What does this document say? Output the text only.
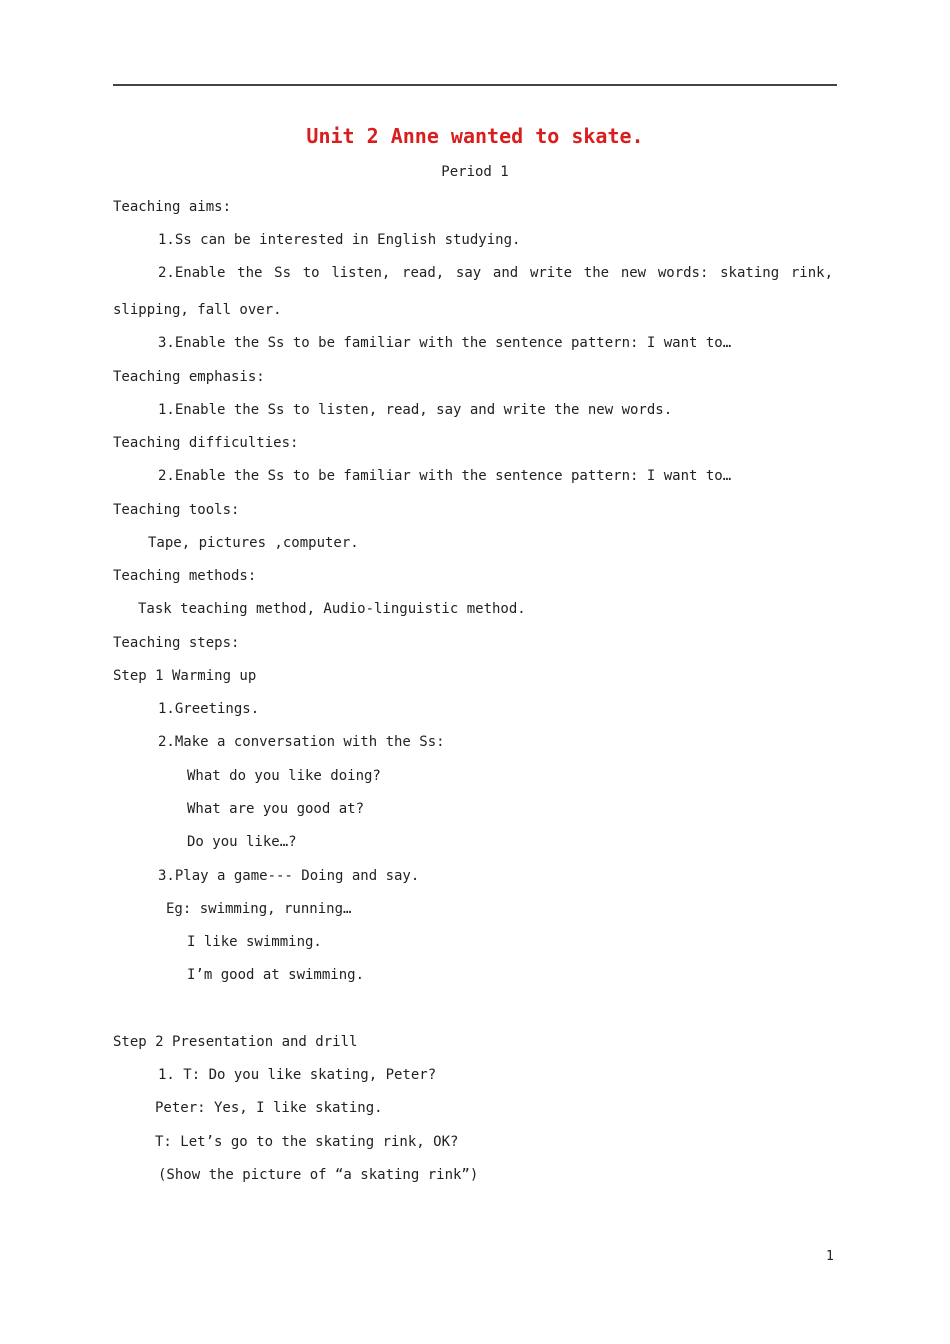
Unit 2 Anne wanted to skate.
Period 1
Teaching aims:
1.Ss can be interested in English studying.
2.Enable the Ss to listen, read, say and write the new words: skating rink,
slipping, fall over.
3.Enable the Ss to be familiar with the sentence pattern: I want to…
Teaching emphasis:
1.Enable the Ss to listen, read, say and write the new words.
Teaching difficulties:
2.Enable the Ss to be familiar with the sentence pattern: I want to…
Teaching tools:
Tape, pictures ,computer.
Teaching methods:
Task teaching method, Audio-linguistic method.
Teaching steps:
Step 1 Warming up
1.Greetings.
2.Make a conversation with the Ss:
What do you like doing?
What are you good at?
Do you like…?
3.Play a game--- Doing and say.
Eg: swimming, running…
I like swimming.
I’m good at swimming.
Step 2 Presentation and drill
1. T: Do you like skating, Peter?
Peter: Yes, I like skating.
T: Let’s go to the skating rink, OK?
(Show the picture of “a skating rink”)
1
